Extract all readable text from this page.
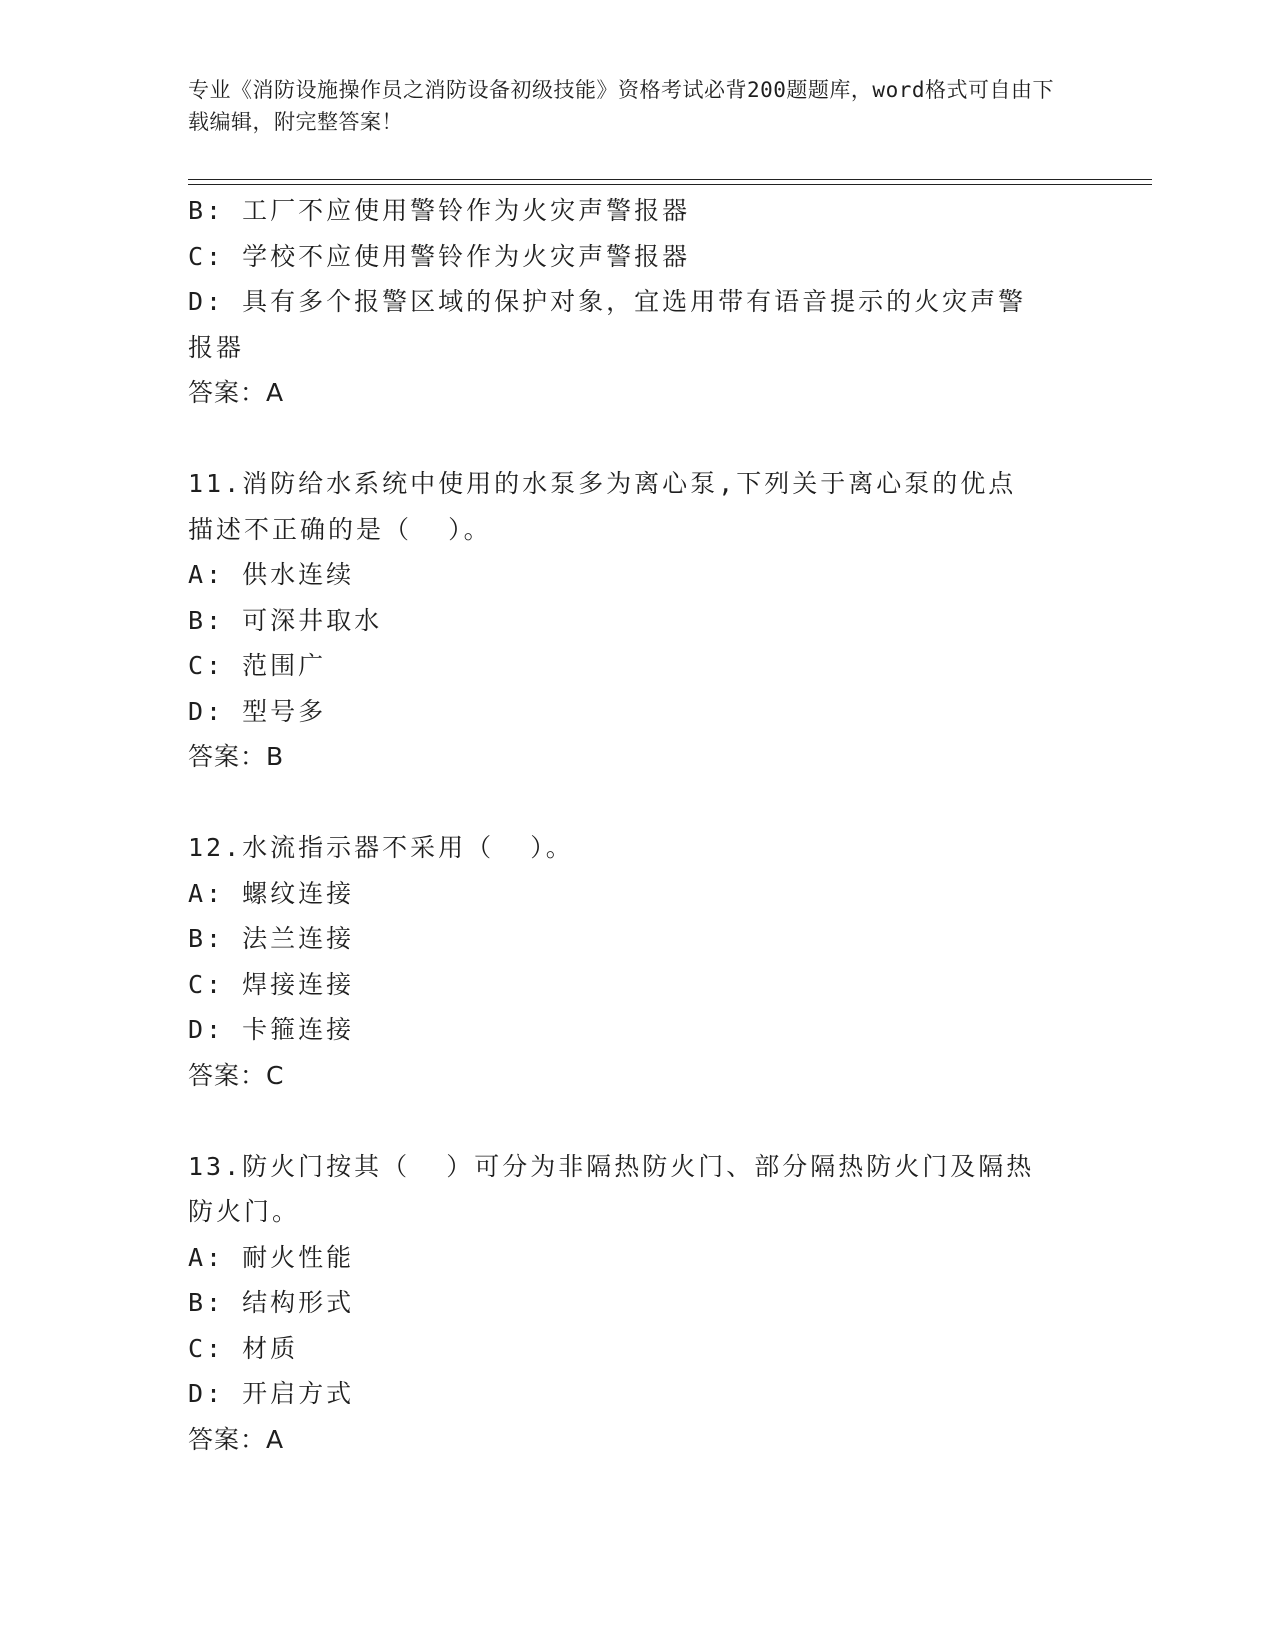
专业《消防设施操作员之消防设备初级技能》资格考试必背200题题库，word格式可自由下载编辑，附完整答案！

B: 工厂不应使用警铃作为火灾声警报器

C: 学校不应使用警铃作为火灾声警报器

D: 具有多个报警区域的保护对象，宜选用带有语音提示的火灾声警报器

答案：A

11.消防给水系统中使用的水泵多为离心泵,下列关于离心泵的优点描述不正确的是（  ）。

A: 供水连续

B: 可深井取水

C: 范围广

D: 型号多

答案：B

12.水流指示器不采用（  ）。

A: 螺纹连接

B: 法兰连接

C: 焊接连接

D: 卡箍连接

答案：C

13.防火门按其（  ）可分为非隔热防火门、部分隔热防火门及隔热防火门。

A: 耐火性能

B: 结构形式

C: 材质

D: 开启方式

答案：A
